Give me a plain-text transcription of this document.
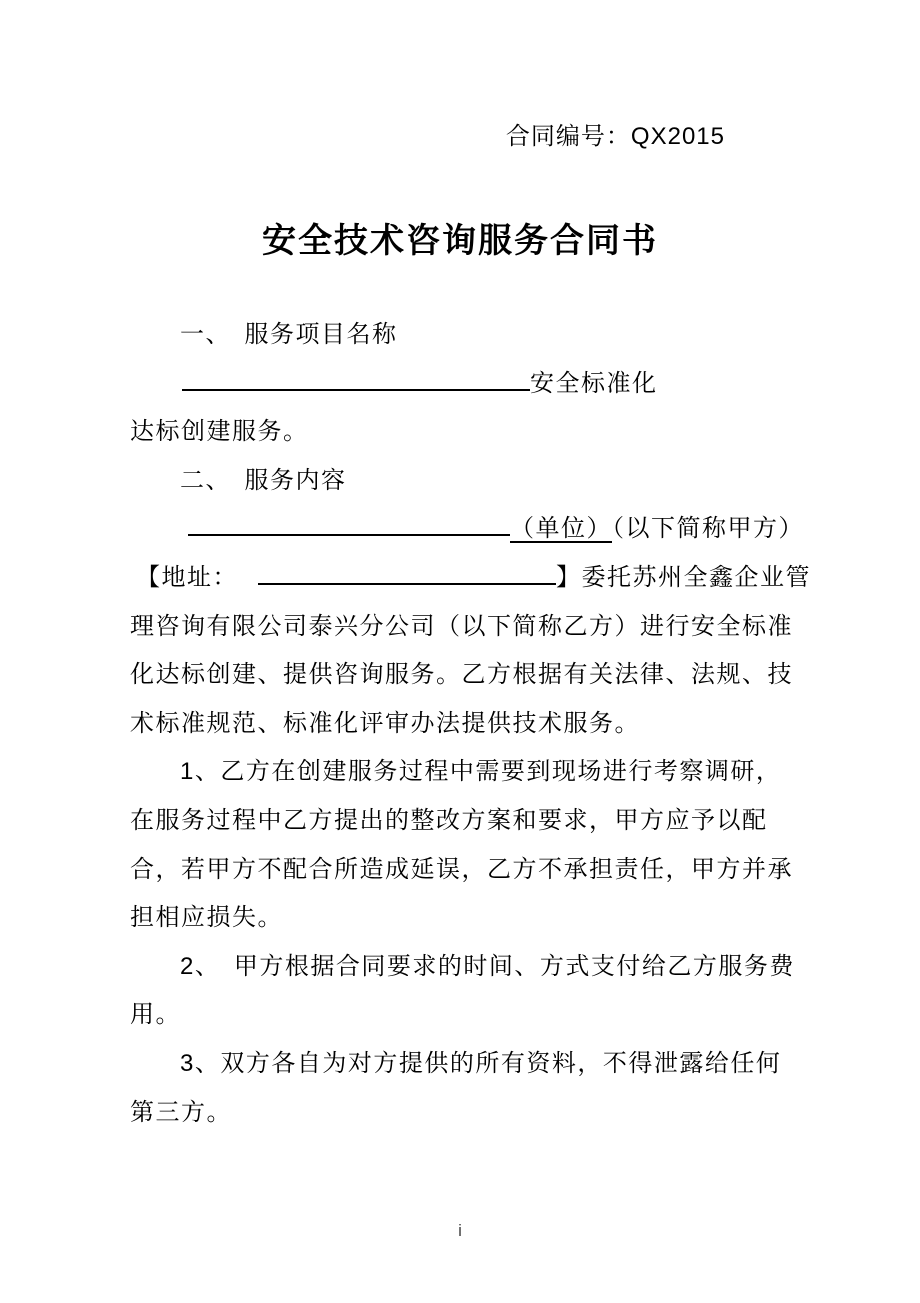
合同编号：QX2015
安全技术咨询服务合同书
一、　服务项目名称
安全标准化
达标创建服务。
二、　服务内容
（单位）（以下简称甲方）
【地址：	】委托苏州全鑫企业管
理咨询有限公司泰兴分公司（以下简称乙方）进行安全标准
化达标创建、提供咨询服务。乙方根据有关法律、法规、技
术标准规范、标准化评审办法提供技术服务。
1、乙方在创建服务过程中需要到现场进行考察调研，
在服务过程中乙方提出的整改方案和要求，甲方应予以配
合，若甲方不配合所造成延误，乙方不承担责任，甲方并承
担相应损失。
2、　甲方根据合同要求的时间、方式支付给乙方服务费
用。
3、双方各自为对方提供的所有资料，不得泄露给任何
第三方。
i
